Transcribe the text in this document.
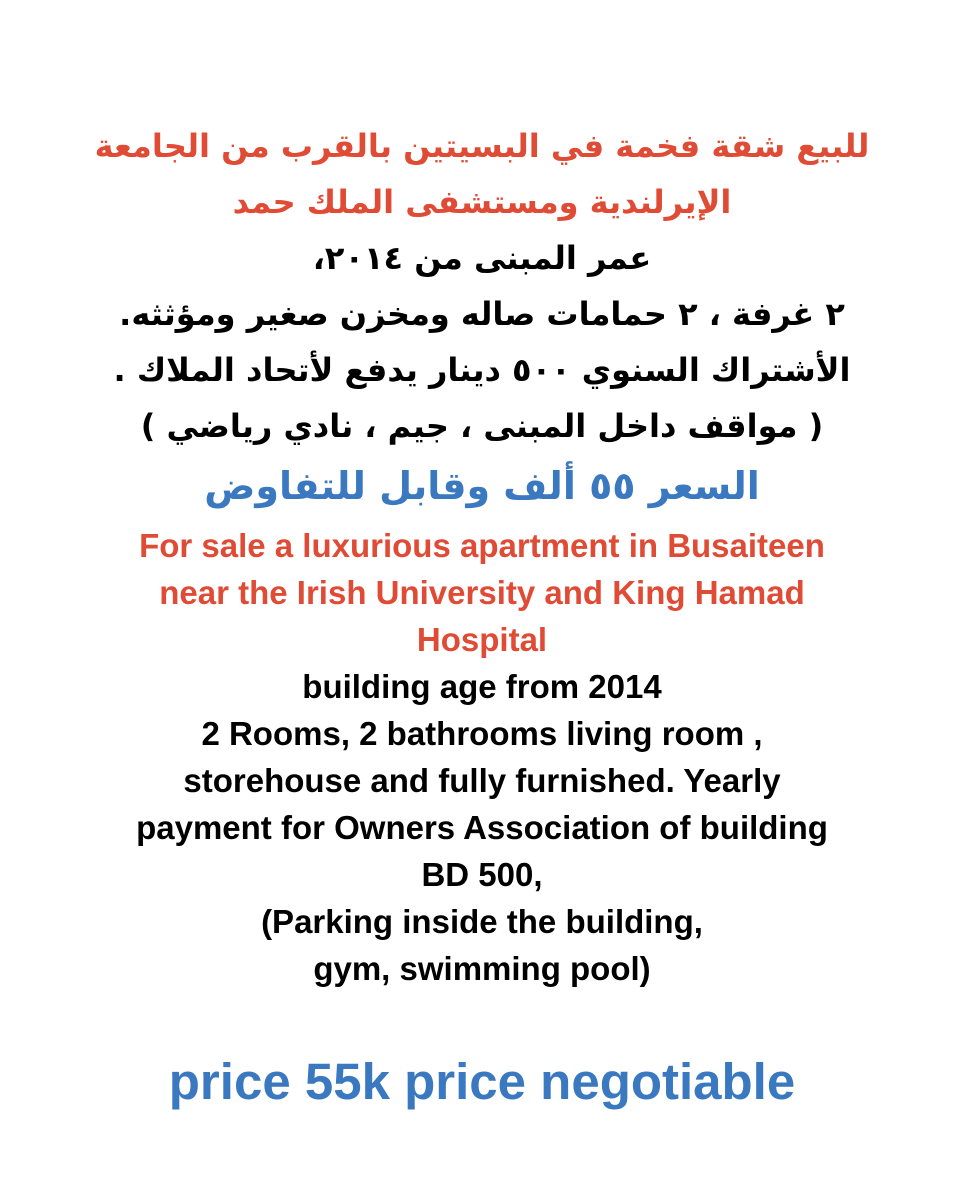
للبيع شقة فخمة في البسيتين بالقرب من الجامعة
الإيرلندية ومستشفى الملك حمد
عمر المبنى من ٢٠١٤،
٢ غرفة ، ٢ حمامات صاله ومخزن صغير ومؤثثه.
الأشتراك السنوي ٥٠٠ دينار يدفع لأتحاد الملاك .
( مواقف داخل المبنى ، جيم ، نادي رياضي )
السعر ٥٥ ألف وقابل للتفاوض
For sale a luxurious apartment in Busaiteen
near the Irish University and King Hamad
Hospital
building age from 2014
2 Rooms, 2 bathrooms living room ,
storehouse and fully furnished. Yearly
payment for Owners Association of building
BD 500,
(Parking inside the building,
gym, swimming pool)
price 55k price negotiable
